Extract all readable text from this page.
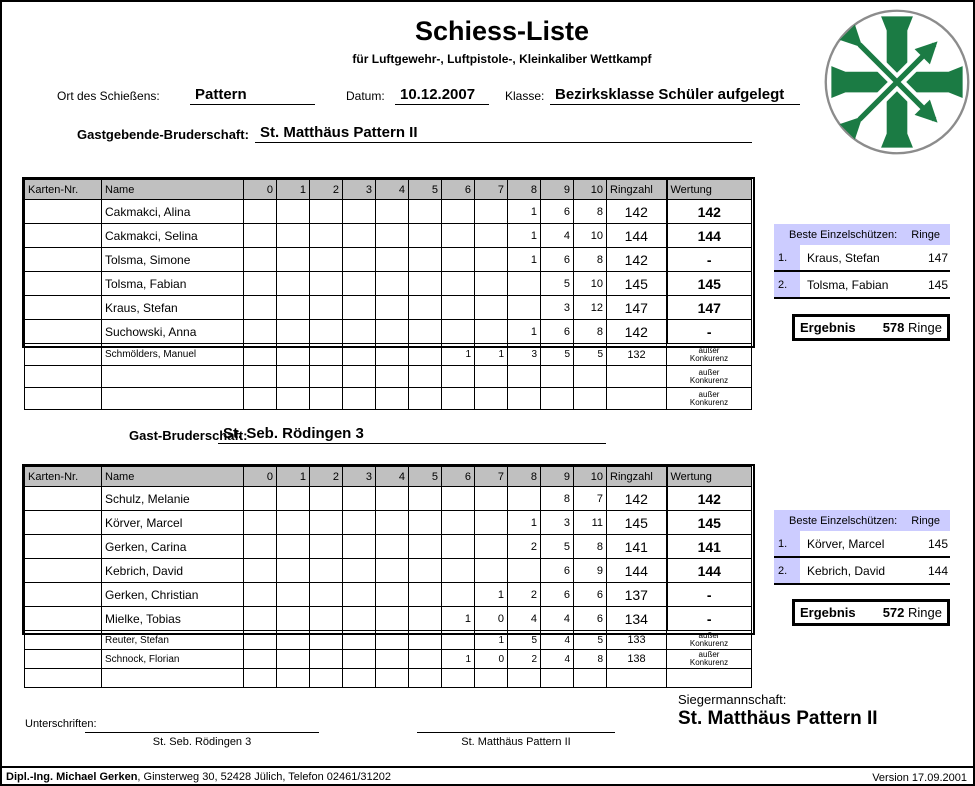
Schiess-Liste
für Luftgewehr-, Luftpistole-, Kleinkaliber Wettkampf
Ort des Schießens:	Pattern	Datum:	10.12.2007	Klasse: Bezirksklasse Schüler aufgelegt
Gastgebende-Bruderschaft: St. Matthäus Pattern II
Karten-Nr.	Name	0	1	2	3	4	5	6	7	8	9	10	Ringzahl	Wertung
	Cakmakci, Alina									1	6	8	142	142
	Cakmakci, Selina									1	4	10	144	144
	Tolsma, Simone									1	6	8	142	-
	Tolsma, Fabian										5	10	145	145
	Kraus, Stefan										3	12	147	147
	Suchowski, Anna									1	6	8	142	-
	Schmölders, Manuel							1	1	3	5	5	132	außer
Konkurenz

														außer
Konkurenz

														außer
Konkurenz
Beste Einzelschützen:	Ringe
1.	Kraus, Stefan	147
2.	Tolsma, Fabian	145
Ergebnis 578 Ringe
Gast-Bruderschaft:
St. Seb. Rödingen 3
Karten-Nr.	Name	0	1	2	3	4	5	6	7	8	9	10	Ringzahl	Wertung
	Schulz, Melanie										8	7	142	142
	Körver, Marcel									1	3	11	145	145
	Gerken, Carina									2	5	8	141	141
	Kebrich, David										6	9	144	144
	Gerken, Christian								1	2	6	6	137	-
	Mielke, Tobias							1	0	4	4	6	134	-
	Reuter, Stefan								1	5	4	5	133	außer
Konkurenz

	Schnock, Florian							1	0	2	4	8	138	außer
Konkurenz

Beste Einzelschützen:	Ringe
1.	Körver, Marcel	145
2.	Kebrich, David	144
Ergebnis 572 Ringe
Siegermannschaft:
St. Matthäus Pattern II
Unterschriften:
St. Seb. Rödingen 3	St. Matthäus Pattern II
Dipl.-Ing. Michael Gerken, Ginsterweg 30, 52428 Jülich, Telefon 02461/31202	Version 17.09.2001
